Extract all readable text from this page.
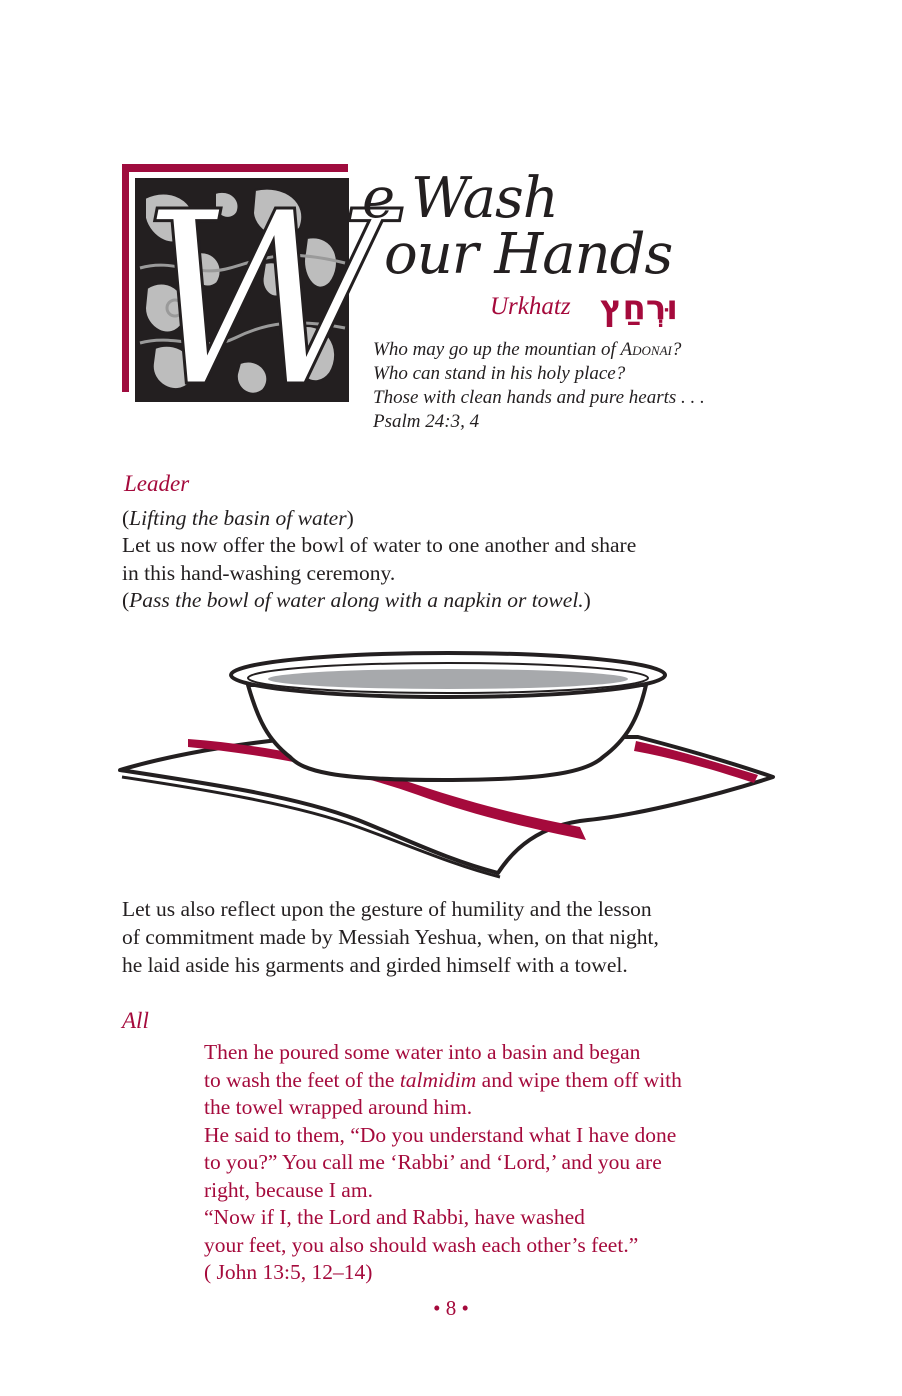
W
e Wash
our Hands
Urkhatz וּרְחַץ
Who may go up the mountian of Adonai?
Who can stand in his holy place?
Those with clean hands and pure hearts . . .
Psalm 24:3, 4
Leader
(Lifting the basin of water)
Let us now offer the bowl of water to one another and share
in this hand-washing ceremony.
(Pass the bowl of water along with a napkin or towel.)
Let us also reflect upon the gesture of humility and the lesson
of commitment made by Messiah Yeshua, when, on that night,
he laid aside his garments and girded himself with a towel.
All
Then he poured some water into a basin and began
to wash the feet of the talmidim and wipe them off with
the towel wrapped around him.
He said to them, “Do you understand what I have done
to you?” You call me ‘Rabbi’ and ‘Lord,’ and you are
right, because I am.
“Now if I, the Lord and Rabbi, have washed
your feet, you also should wash each other’s feet.”
( John 13:5, 12–14)
• 8 •
